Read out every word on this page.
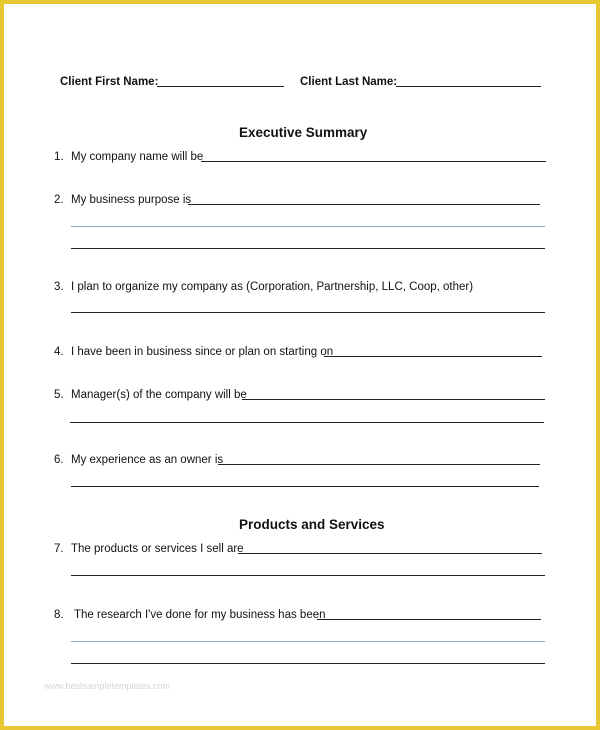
Client First Name:	Client Last Name:
Executive Summary
1. My company name will be
2. My business purpose is
3. I plan to organize my company as (Corporation, Partnership, LLC, Coop, other)
4. I have been in business since or plan on starting on
5. Manager(s) of the company will be
6. My experience as an owner is
Products and Services
7. The products or services I sell are
8. The research I've done for my business has been
www.bestsampletemplates.com
